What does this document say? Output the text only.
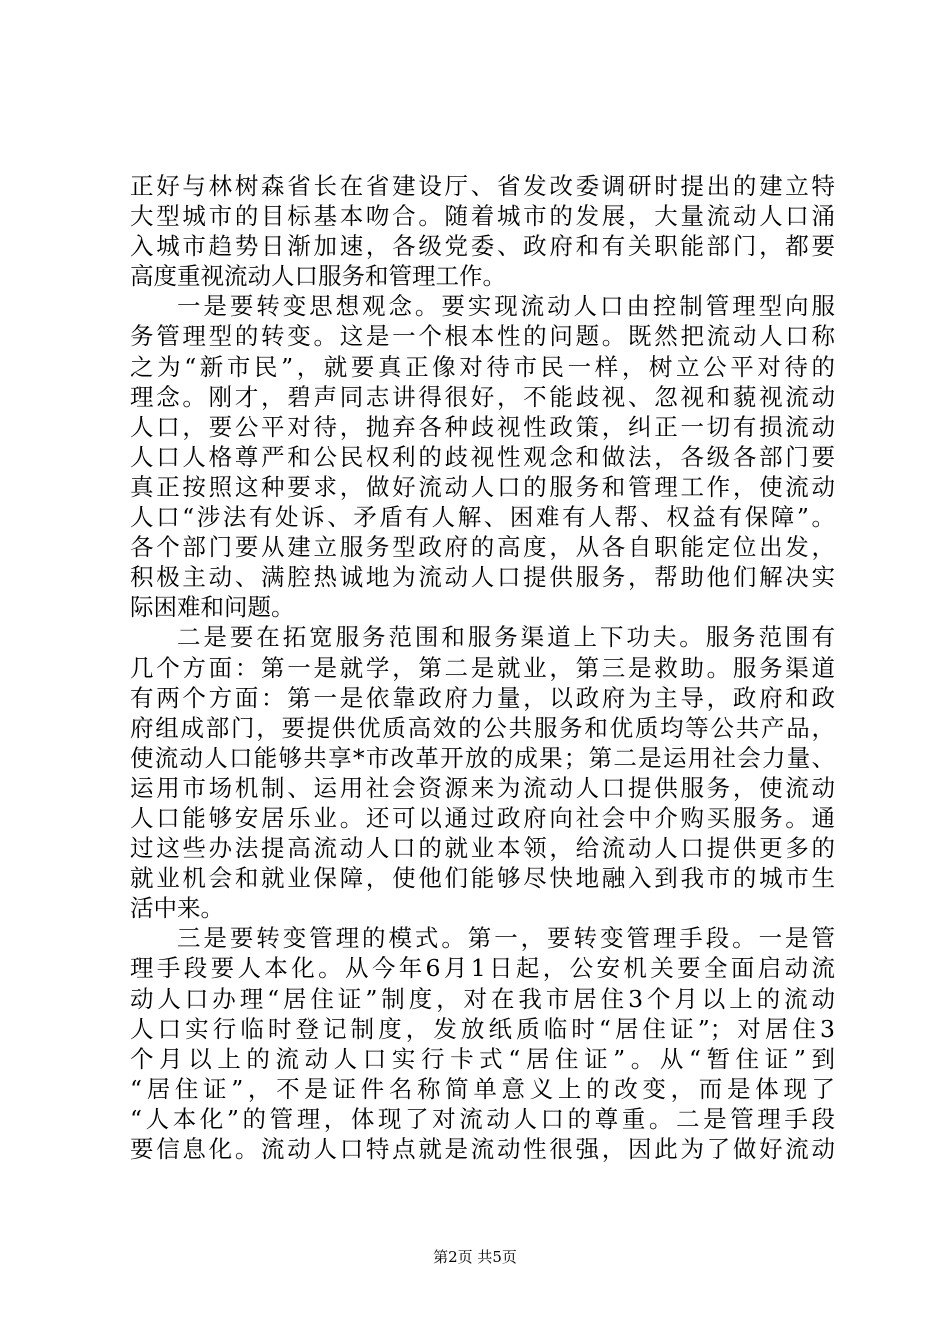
正好与林树森省长在省建设厅、省发改委调研时提出的建立特
大型城市的目标基本吻合。随着城市的发展，大量流动人口涌
入城市趋势日渐加速，各级党委、政府和有关职能部门，都要
高度重视流动人口服务和管理工作。
一是要转变思想观念。要实现流动人口由控制管理型向服
务管理型的转变。这是一个根本性的问题。既然把流动人口称
之为“新市民”，就要真正像对待市民一样，树立公平对待的
理念。刚才，碧声同志讲得很好，不能歧视、忽视和藐视流动
人口，要公平对待，抛弃各种歧视性政策，纠正一切有损流动
人口人格尊严和公民权利的歧视性观念和做法，各级各部门要
真正按照这种要求，做好流动人口的服务和管理工作，使流动
人口“涉法有处诉、矛盾有人解、困难有人帮、权益有保障”。
各个部门要从建立服务型政府的高度，从各自职能定位出发，
积极主动、满腔热诚地为流动人口提供服务，帮助他们解决实
际困难和问题。
二是要在拓宽服务范围和服务渠道上下功夫。服务范围有
几个方面：第一是就学，第二是就业，第三是救助。服务渠道
有两个方面：第一是依靠政府力量，以政府为主导，政府和政
府组成部门，要提供优质高效的公共服务和优质均等公共产品，
使流动人口能够共享*市改革开放的成果；第二是运用社会力量、
运用市场机制、运用社会资源来为流动人口提供服务，使流动
人口能够安居乐业。还可以通过政府向社会中介购买服务。通
过这些办法提高流动人口的就业本领，给流动人口提供更多的
就业机会和就业保障，使他们能够尽快地融入到我市的城市生
活中来。
三是要转变管理的模式。第一，要转变管理手段。一是管
理手段要人本化。从今年6月1日起，公安机关要全面启动流
动人口办理“居住证”制度，对在我市居住3个月以上的流动
人口实行临时登记制度，发放纸质临时“居住证”；对居住3
个月以上的流动人口实行卡式“居住证”。从“暂住证”到
“居住证”，不是证件名称简单意义上的改变，而是体现了
“人本化”的管理，体现了对流动人口的尊重。二是管理手段
要信息化。流动人口特点就是流动性很强，因此为了做好流动
第2页 共5页
